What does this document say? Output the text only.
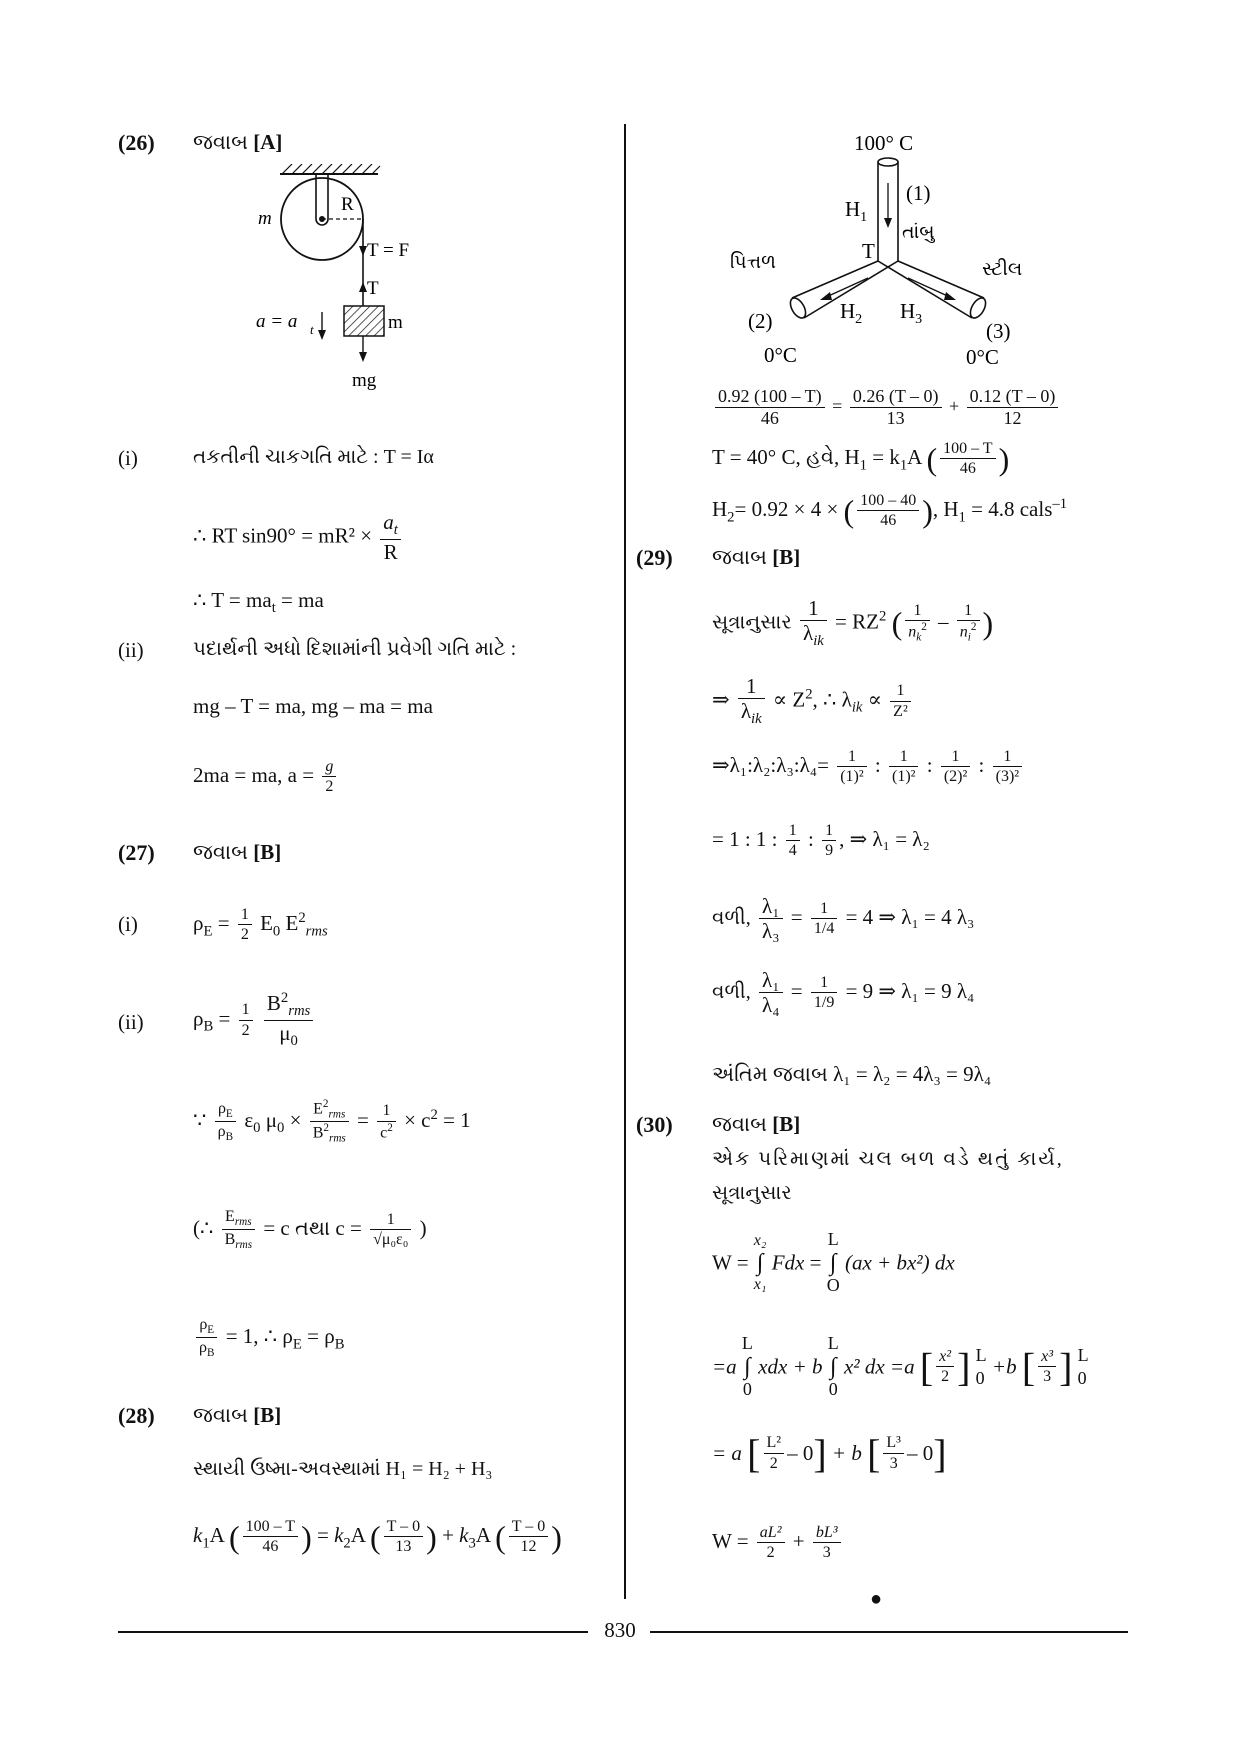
(26) જવાબ [A]
R
m
T = F
T
m
a = a t
mg
(i)	તકતીની ચાકગતિ માટે : T = Iα
∴ RT $\sin 90^\circ = mR^2 \times \frac{a_t}{R}$
∴ $T = ma_t$ = ma
(ii) પદાર્થની અધો દિશામાંની પ્રવેગી ગતિ માટે :
mg – T = ma, mg – ma = ma
2ma = ma, $a = \frac{g}{2}$
(27) જવાબ [B]
(i)	$\rho_E = \frac{1}{2} E_0$ $E^2_{rms}$
(ii) $\rho_B = \frac{1}{2}$
$\frac{B^2_{rms}}{\mu_0}$
∵ $\frac{\rho_E}{\rho_B} \varepsilon_0$ $\mu_0 \times \frac{E^2_{rms}}{B^2_{rms}} = \frac{1}{c^2} \times c^2 = 1$
(∴ $\frac{E_{rms}}{B_{rms}} = c$ તથા $c = \frac{1}{\text{√μ₀ε₀}}$ )
$\frac{\rho_E}{\rho_B} = 1$, ∴ $\rho_E = \rho_B$
(28) જવાબ [B]
સ્થાયી ઉષ્મા-અવસ્થામાં H₁ = H₂ + H₃
$k_1A$ ( $\frac{100 - T}{46}$ ) = $k_2A$ ( $\frac{T - 0}{13}$ ) + $k_3A$ ( $\frac{T - 0}{12}$ )
100° C
$H_1$
(1)
તાંબુ
T
પિત્તળ	સ્ટીલ
$H_2$ $H_3$
(2)	(3)
0°C	0°C
$\frac{0.92 (100 - T)}{46} = \frac{0.26 (T - 0)}{13} + \frac{0.12 (T - 0)}{12}$
T = 40° C, હવે, $H_1 = k_1A$ ( $\frac{100 - T}{46}$ )
$H_2= 0.92 \times 4$ × ( $\frac{100 - 40}{46}$ ), $H_1 = 4.8$ cals$^{-1}$
(29) જવાબ [B]
સૂત્રાનુસાર $\frac{1}{\lambda_{ik}} = RZ^2$ ( $\frac{1}{n_k^2} - \frac{1}{n_i^2}$ )
⇒ $\frac{1}{\lambda_{ik}} \propto Z^2$, ∴ $\lambda_{ik} \propto \frac{1}{\text{Z²}}$
⇒λ₁:λ₂:λ₃:λ₄= $\frac{1}{\text{(1)²}}$ : $\frac{1}{\text{(1)²}}$ : $\frac{1}{\text{(2)²}}$ : $\frac{1}{\text{(3)²}}$
= 1 : 1 : $\frac{1}{4}$ : $\frac{1}{9}$ , ⇒ λ₁ = λ₂
વળી, $\frac{\text{λ₁}}{\text{λ₃}} = \frac{1}{1/4} = 4$ ⇒ λ₁ = 4 λ₃
વળી, $\frac{\text{λ₁}}{\text{λ₄}} = \frac{1}{1/9} = 9$ ⇒ λ₁ = 9 λ₄
અંતિમ જવાબ λ₁ = λ₂ = 4λ₃ = 9λ₄
(30) જવાબ [B]
એક પરિમાણમાં ચલ બળ વડે થતું કાર્ય,
સૂત્રાનુસાર
W = x₂
∫
x₁ Fdx = L
∫
O (ax + bx²) dx
=a L
∫
0 xdx + b L
∫
0 x² dx =a [ $\frac{\text{x²}}{2}$ ] L
0 +b [ $\frac{\text{x³}}{3}$ ] L
0
= a [ $\frac{\text{L²}}{2} - 0] + b$ [ $\frac{\text{L³}}{3} - 0$]
$W = \frac{\text{aL²}}{2} + \frac{\text{bL³}}{3}$
●
830
